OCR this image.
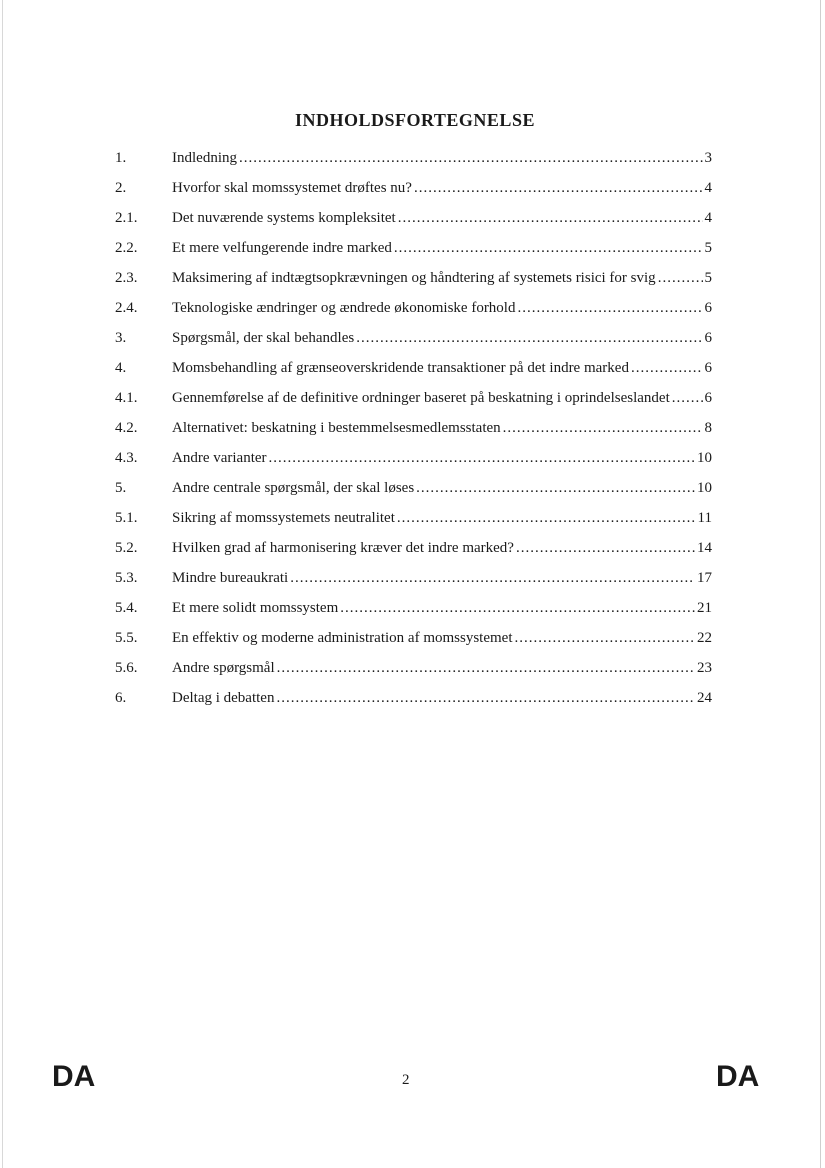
INDHOLDSFORTEGNELSE
1.	Indledning .....	3
2.	Hvorfor skal momssystemet drøftes nu? .....	4
2.1. Det nuværende systems kompleksitet .....	4
2.2. Et mere velfungerende indre marked .....	5
2.3. Maksimering af indtægtsopkrævningen og håndtering af systemets risici for svig .....	5
2.4. Teknologiske ændringer og ændrede økonomiske forhold .....	6
3.	Spørgsmål, der skal behandles .....	6
4.	Momsbehandling af grænseoverskridende transaktioner på det indre marked .....	6
4.1. Gennemførelse af de definitive ordninger baseret på beskatning i oprindelseslandet ..... 6
4.2. Alternativet: beskatning i bestemmelsesmedlemsstaten .....	8
4.3. Andre varianter .....	10
5.	Andre centrale spørgsmål, der skal løses .....	10
5.1. Sikring af momssystemets neutralitet .....	11
5.2. Hvilken grad af harmonisering kræver det indre marked? .....	14
5.3. Mindre bureaukrati .....	17
5.4. Et mere solidt momssystem .....	21
5.5. En effektiv og moderne administration af momssystemet .....	22
5.6. Andre spørgsmål .....	23
6.	Deltag i debatten .....	24
DA	2	DA
